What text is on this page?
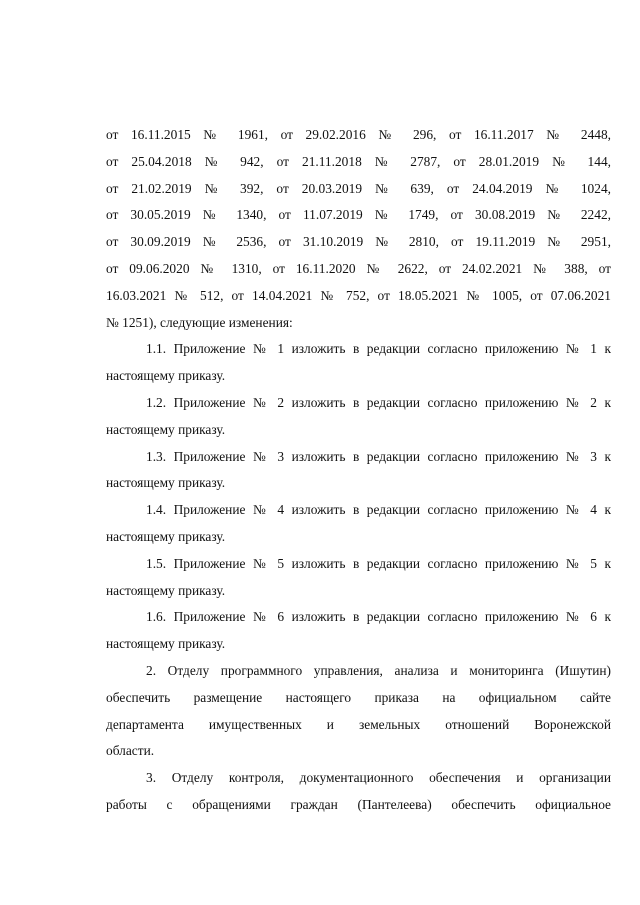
от 16.11.2015 № 1961, от 29.02.2016 № 296, от 16.11.2017 № 2448,
от 25.04.2018 № 942, от 21.11.2018 № 2787, от 28.01.2019 № 144,
от 21.02.2019 № 392, от 20.03.2019 № 639, от 24.04.2019 № 1024,
от 30.05.2019 № 1340, от 11.07.2019 № 1749, от 30.08.2019 № 2242,
от 30.09.2019 № 2536, от 31.10.2019 № 2810, от 19.11.2019 № 2951,
от 09.06.2020 № 1310, от 16.11.2020 № 2622, от 24.02.2021 № 388, от
16.03.2021 № 512, от 14.04.2021 № 752, от 18.05.2021 № 1005, от 07.06.2021
№ 1251), следующие изменения:
1.1. Приложение № 1 изложить в редакции согласно приложению № 1 к
настоящему приказу.
1.2. Приложение № 2 изложить в редакции согласно приложению № 2 к
настоящему приказу.
1.3. Приложение № 3 изложить в редакции согласно приложению № 3 к
настоящему приказу.
1.4. Приложение № 4 изложить в редакции согласно приложению № 4 к
настоящему приказу.
1.5. Приложение № 5 изложить в редакции согласно приложению № 5 к
настоящему приказу.
1.6. Приложение № 6 изложить в редакции согласно приложению № 6 к
настоящему приказу.
2. Отделу программного управления, анализа и мониторинга (Ишутин)
обеспечить размещение настоящего приказа на официальном сайте
департамента имущественных и земельных отношений Воронежской
области.
3. Отделу контроля, документационного обеспечения и организации
работы с обращениями граждан (Пантелеева) обеспечить официальное
